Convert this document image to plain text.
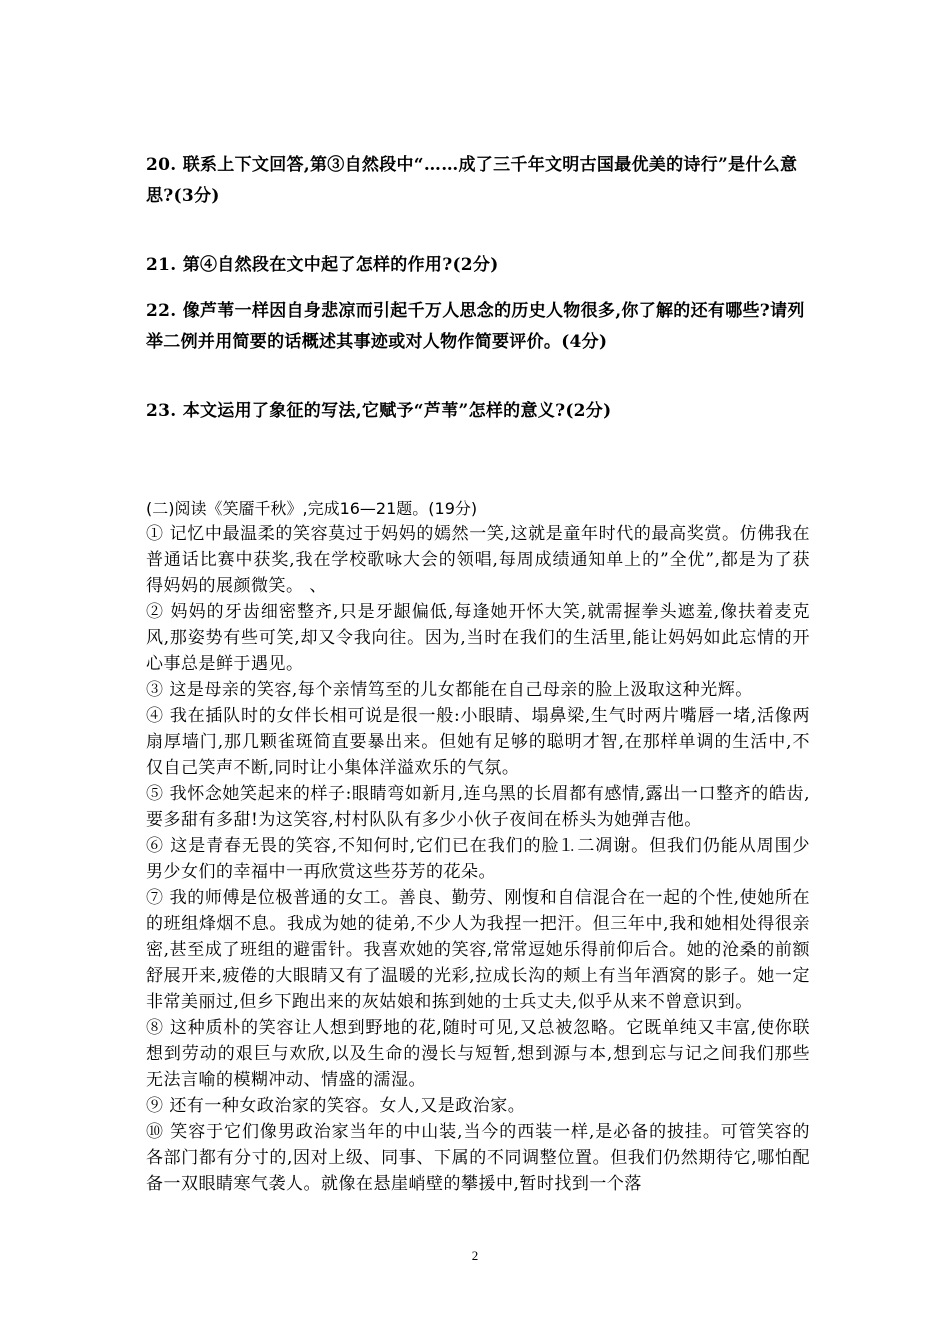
20. 联系上下文回答,第③自然段中“……成了三千年文明古国最优美的诗行”是什么意思?(3分)
21. 第④自然段在文中起了怎样的作用?(2分)
22. 像芦苇一样因自身悲凉而引起千万人思念的历史人物很多,你了解的还有哪些?请列举二例并用简要的话概述其事迹或对人物作简要评价。(4分)
23. 本文运用了象征的写法,它赋予“芦苇”怎样的意义?(2分)
(二)阅读《笑靥千秋》,完成16—21题。(19分)

① 记忆中最温柔的笑容莫过于妈妈的嫣然一笑,这就是童年时代的最高奖赏。仿佛我在普通话比赛中获奖,我在学校歌咏大会的领唱,每周成绩通知单上的”全优”,都是为了获得妈妈的展颜微笑。 、

② 妈妈的牙齿细密整齐,只是牙龈偏低,每逢她开怀大笑,就需握拳头遮羞,像扶着麦克风,那姿势有些可笑,却又令我向往。因为,当时在我们的生活里,能让妈妈如此忘情的开心事总是鲜于遇见。

③ 这是母亲的笑容,每个亲情笃至的儿女都能在自己母亲的脸上汲取这种光辉。

④ 我在插队时的女伴长相可说是很一般:小眼睛、塌鼻梁,生气时两片嘴唇一堵,活像两扇厚墙门,那几颗雀斑简直要暴出来。但她有足够的聪明才智,在那样单调的生活中,不仅自己笑声不断,同时让小集体洋溢欢乐的气氛。

⑤ 我怀念她笑起来的样子:眼睛弯如新月,连乌黑的长眉都有感情,露出一口整齐的皓齿,要多甜有多甜!为这笑容,村村队队有多少小伙子夜间在桥头为她弹吉他。

⑥ 这是青春无畏的笑容,不知何时,它们已在我们的脸⒈二凋谢。但我们仍能从周围少男少女们的幸福中一再欣赏这些芬芳的花朵。

⑦ 我的师傅是位极普通的女工。善良、勤劳、刚愎和自信混合在一起的个性,使她所在的班组烽烟不息。我成为她的徒弟,不少人为我捏一把汗。但三年中,我和她相处得很亲密,甚至成了班组的避雷针。我喜欢她的笑容,常常逗她乐得前仰后合。她的沧桑的前额舒展开来,疲倦的大眼睛又有了温暖的光彩,拉成长沟的颊上有当年酒窝的影子。她一定非常美丽过,但乡下跑出来的灰姑娘和拣到她的士兵丈夫,似乎从来不曾意识到。

⑧ 这种质朴的笑容让人想到野地的花,随时可见,又总被忽略。它既单纯又丰富,使你联想到劳动的艰巨与欢欣,以及生命的漫长与短暂,想到源与本,想到忘与记之间我们那些无法言喻的模糊冲动、情盛的濡湿。

⑨ 还有一种女政治家的笑容。女人,又是政治家。

⑩ 笑容于它们像男政治家当年的中山装,当今的西装一样,是必备的披挂。可管笑容的各部门都有分寸的,因对上级、同事、下属的不同调整位置。但我们仍然期待它,哪怕配备一双眼睛寒气袭人。就像在悬崖峭壁的攀援中,暂时找到一个落

2
